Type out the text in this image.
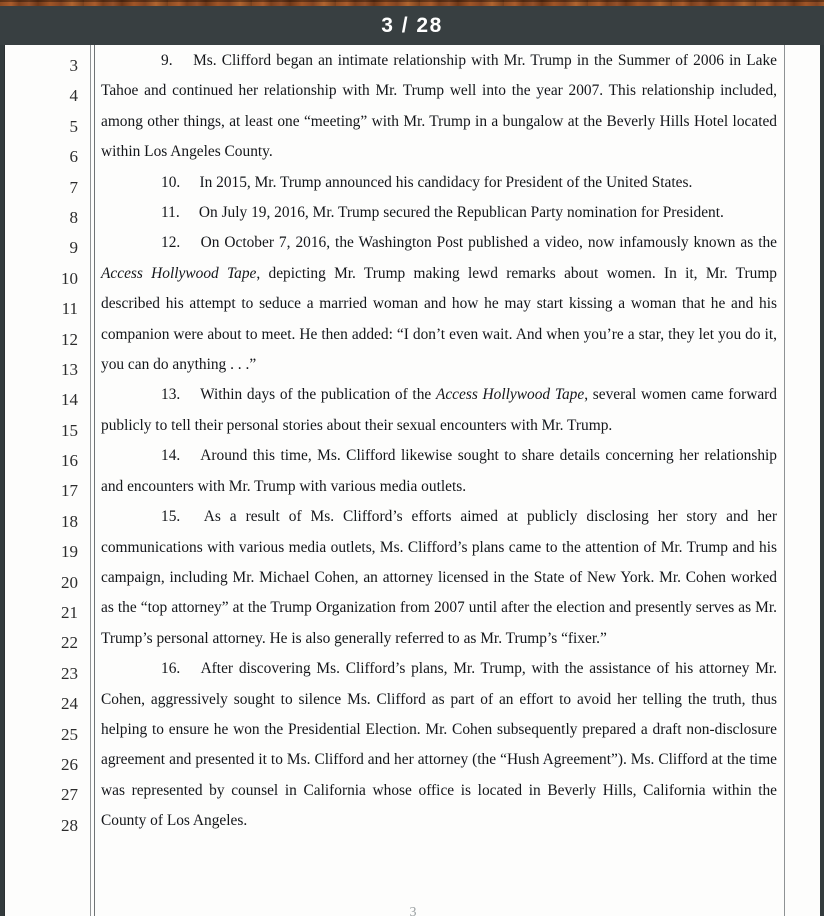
3 / 28
3
4
5
6
7
8
9
10
11
12
13
14
15
16
17
18
19
20
21
22
23
24
25
26
27
28

9.  Ms. Clifford began an intimate relationship with Mr. Trump in the Summer of 2006 in Lake Tahoe and continued her relationship with Mr. Trump well into the year 2007. This relationship included, among other things, at least one “meeting” with Mr. Trump in a bungalow at the Beverly Hills Hotel located within Los Angeles County.

10.  In 2015, Mr. Trump announced his candidacy for President of the United States.

11.  On July 19, 2016, Mr. Trump secured the Republican Party nomination for President.

12.  On October 7, 2016, the Washington Post published a video, now infamously known as the Access Hollywood Tape, depicting Mr. Trump making lewd remarks about women. In it, Mr. Trump described his attempt to seduce a married woman and how he may start kissing a woman that he and his companion were about to meet. He then added: “I don’t even wait. And when you’re a star, they let you do it, you can do anything . . .”

13.  Within days of the publication of the Access Hollywood Tape, several women came forward publicly to tell their personal stories about their sexual encounters with Mr. Trump.

14.  Around this time, Ms. Clifford likewise sought to share details concerning her relationship and encounters with Mr. Trump with various media outlets.

15.  As a result of Ms. Clifford’s efforts aimed at publicly disclosing her story and her communications with various media outlets, Ms. Clifford’s plans came to the attention of Mr. Trump and his campaign, including Mr. Michael Cohen, an attorney licensed in the State of New York. Mr. Cohen worked as the “top attorney” at the Trump Organization from 2007 until after the election and presently serves as Mr. Trump’s personal attorney. He is also generally referred to as Mr. Trump’s “fixer.”

16.  After discovering Ms. Clifford’s plans, Mr. Trump, with the assistance of his attorney Mr. Cohen, aggressively sought to silence Ms. Clifford as part of an effort to avoid her telling the truth, thus helping to ensure he won the Presidential Election. Mr. Cohen subsequently prepared a draft non-disclosure agreement and presented it to Ms. Clifford and her attorney (the “Hush Agreement”). Ms. Clifford at the time was represented by counsel in California whose office is located in Beverly Hills, California within the County of Los Angeles.

3
